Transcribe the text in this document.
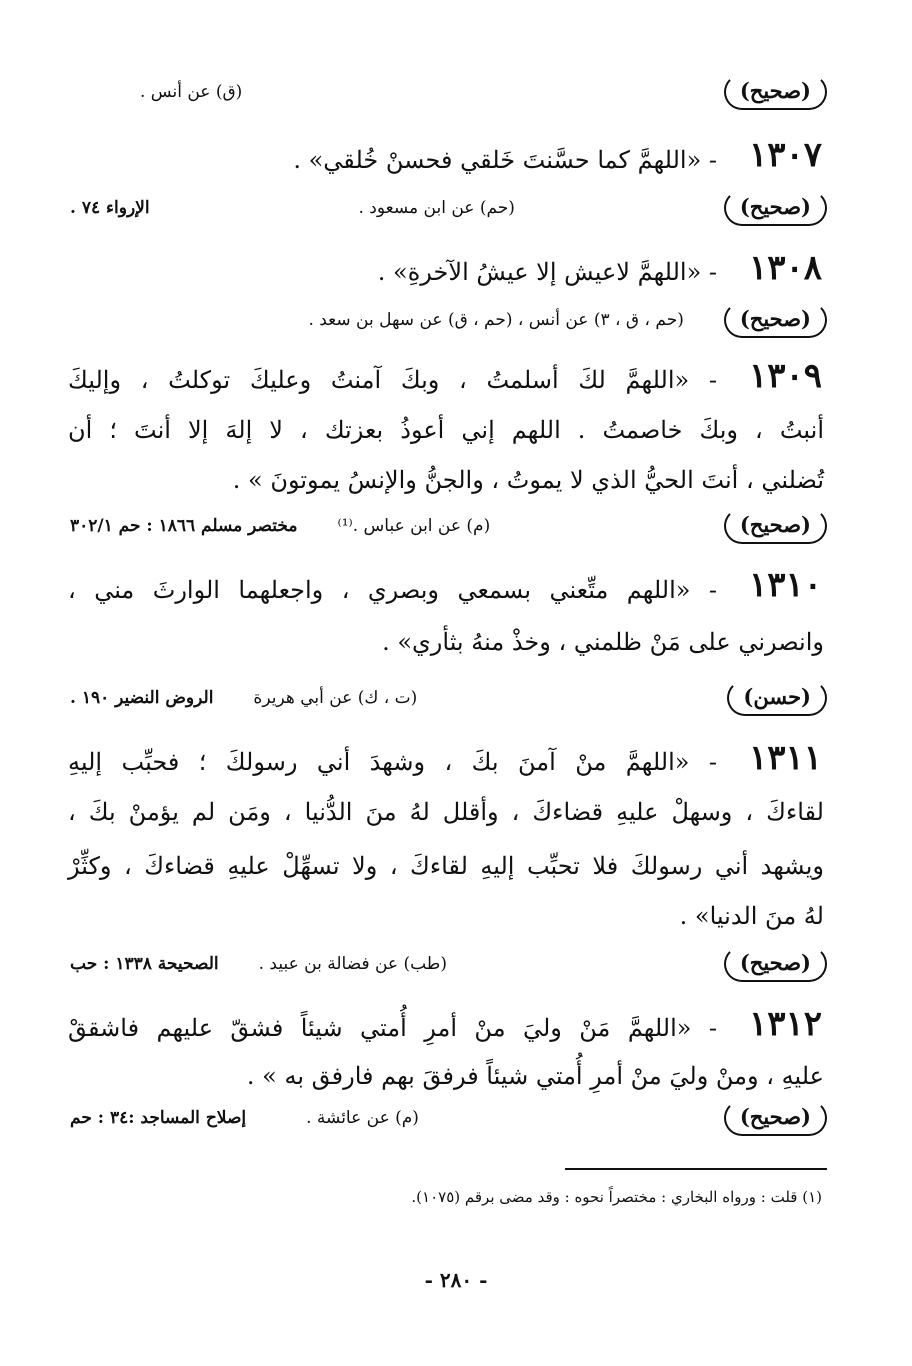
(صحيح)
(ق) عن أنس .
١٣٠٧
- «اللهمَّ كما حسَّنتَ خَلقي فحسنْ خُلقي» .
(صحيح)
(حم) عن ابن مسعود .
الإرواء ٧٤ .
١٣٠٨
- «اللهمَّ لاعيش إلا عيشُ الآخرةِ» .
(صحيح)
(حم ، ق ، ٣) عن أنس ، (حم ، ق) عن سهل بن سعد .
١٣٠٩
- «اللهمَّ لكَ أسلمتُ ، وبكَ آمنتُ وعليكَ توكلتُ ، وإليكَ
أنبتُ ، وبكَ خاصمتُ . اللهم إني أعوذُ بعزتك ، لا إلهَ إلا أنتَ ؛ أن
تُضلني ، أنتَ الحيُّ الذي لا يموتُ ، والجنُّ والإنسُ يموتونَ » .
(صحيح)
(م) عن ابن عباس .⁽¹⁾
مختصر مسلم ١٨٦٦ : حم ٣٠٢/١
١٣١٠
- «اللهم متِّعني بسمعي وبصري ، واجعلهما الوارثَ مني ،
وانصرني على مَنْ ظلمني ، وخذْ منهُ بثأري» .
(حسن)
(ت ، ك) عن أبي هريرة
الروض النضير ١٩٠ .
١٣١١
- «اللهمَّ منْ آمنَ بكَ ، وشهدَ أني رسولكَ ؛ فحبِّب إليهِ
لقاءكَ ، وسهلْ عليهِ قضاءكَ ، وأقلل لهُ منَ الدُّنيا ، ومَن لم يؤمنْ بكَ ،
ويشهد أني رسولكَ فلا تحبِّب إليهِ لقاءكَ ، ولا تسهِّلْ عليهِ قضاءكَ ، وكثِّرْ
لهُ منَ الدنيا» .
(صحيح)
(طب) عن فضالة بن عبيد .
الصحيحة ١٣٣٨ : حب
١٣١٢
- «اللهمَّ مَنْ وليَ منْ أمرِ أُمتي شيئاً فشقّ عليهم فاشققْ
عليهِ ، ومنْ وليَ منْ أمرِ أُمتي شيئاً فرفقَ بهم فارفق به » .
(صحيح)
(م) عن عائشة .
إصلاح المساجد :٣٤ : حم
(١) قلت : ورواه البخاري : مختصراً نحوه : وقد مضى برقم (١٠٧٥).
- ٢٨٠ -
